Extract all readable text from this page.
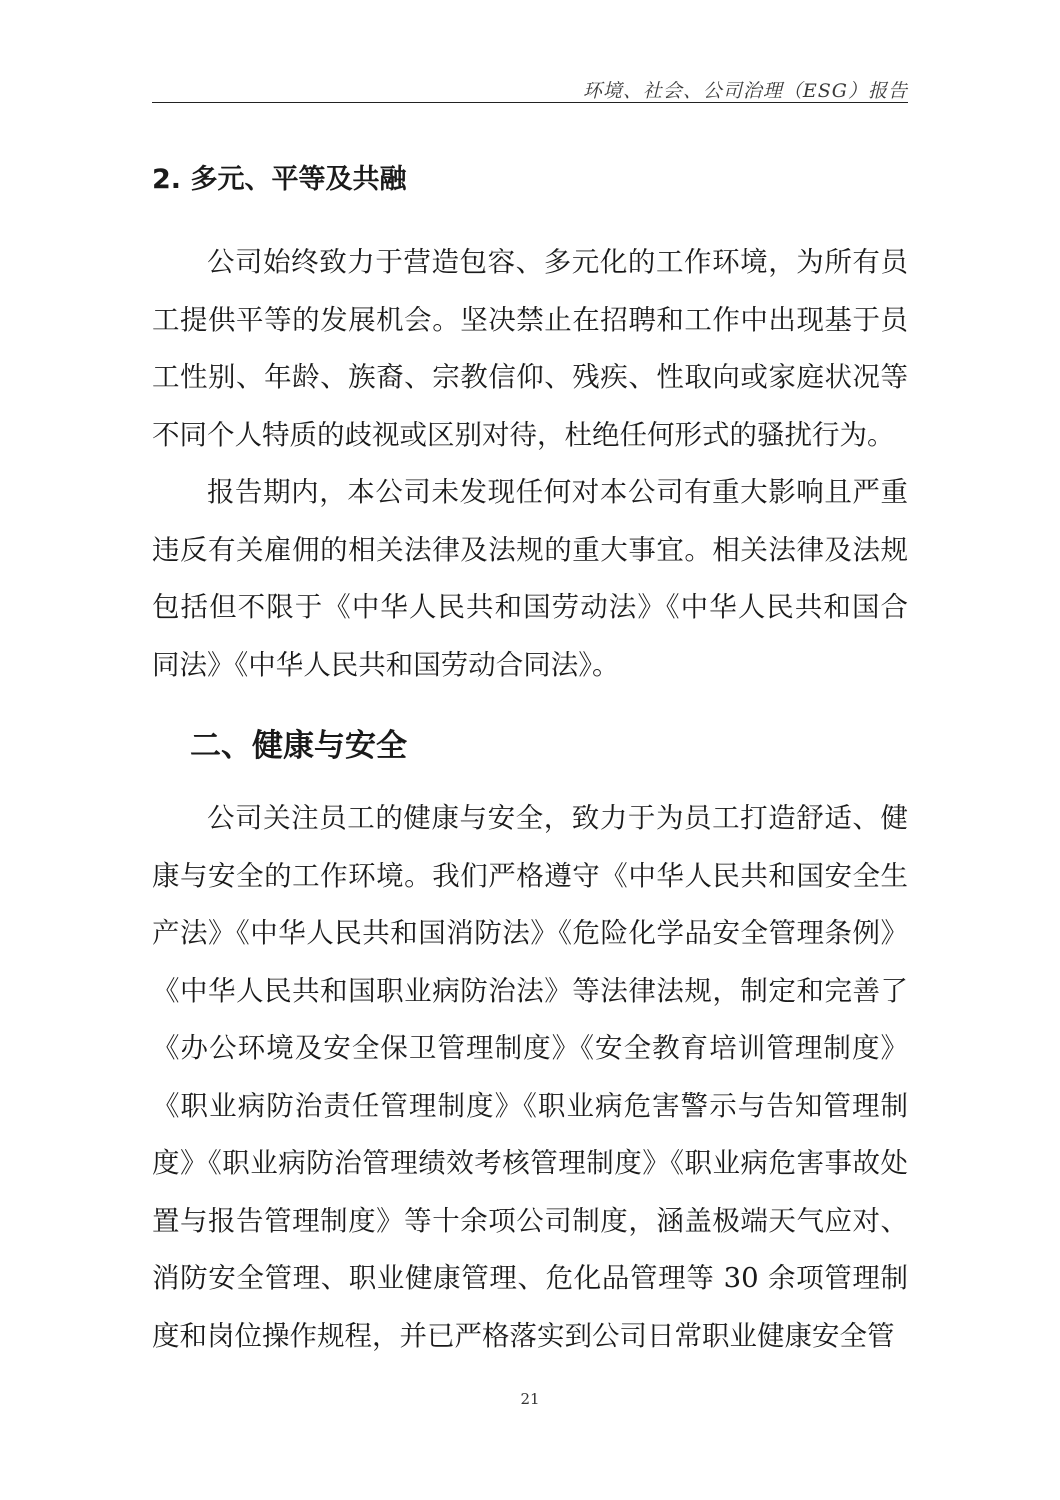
环境、社会、公司治理（ESG）报告
2. 多元、平等及共融

公司始终致力于营造包容、多元化的工作环境，为所有员工提供平等的发展机会。坚决禁止在招聘和工作中出现基于员工性别、年龄、族裔、宗教信仰、残疾、性取向或家庭状况等不同个人特质的歧视或区别对待，杜绝任何形式的骚扰行为。

报告期内，本公司未发现任何对本公司有重大影响且严重违反有关雇佣的相关法律及法规的重大事宜。相关法律及法规包括但不限于《中华人民共和国劳动法》《中华人民共和国合同法》《中华人民共和国劳动合同法》。

二、健康与安全

公司关注员工的健康与安全，致力于为员工打造舒适、健康与安全的工作环境。我们严格遵守《中华人民共和国安全生产法》《中华人民共和国消防法》《危险化学品安全管理条例》《中华人民共和国职业病防治法》等法律法规，制定和完善了《办公环境及安全保卫管理制度》《安全教育培训管理制度》《职业病防治责任管理制度》《职业病危害警示与告知管理制度》《职业病防治管理绩效考核管理制度》《职业病危害事故处置与报告管理制度》等十余项公司制度，涵盖极端天气应对、消防安全管理、职业健康管理、危化品管理等 30 余项管理制度和岗位操作规程，并已严格落实到公司日常职业健康安全管

21
